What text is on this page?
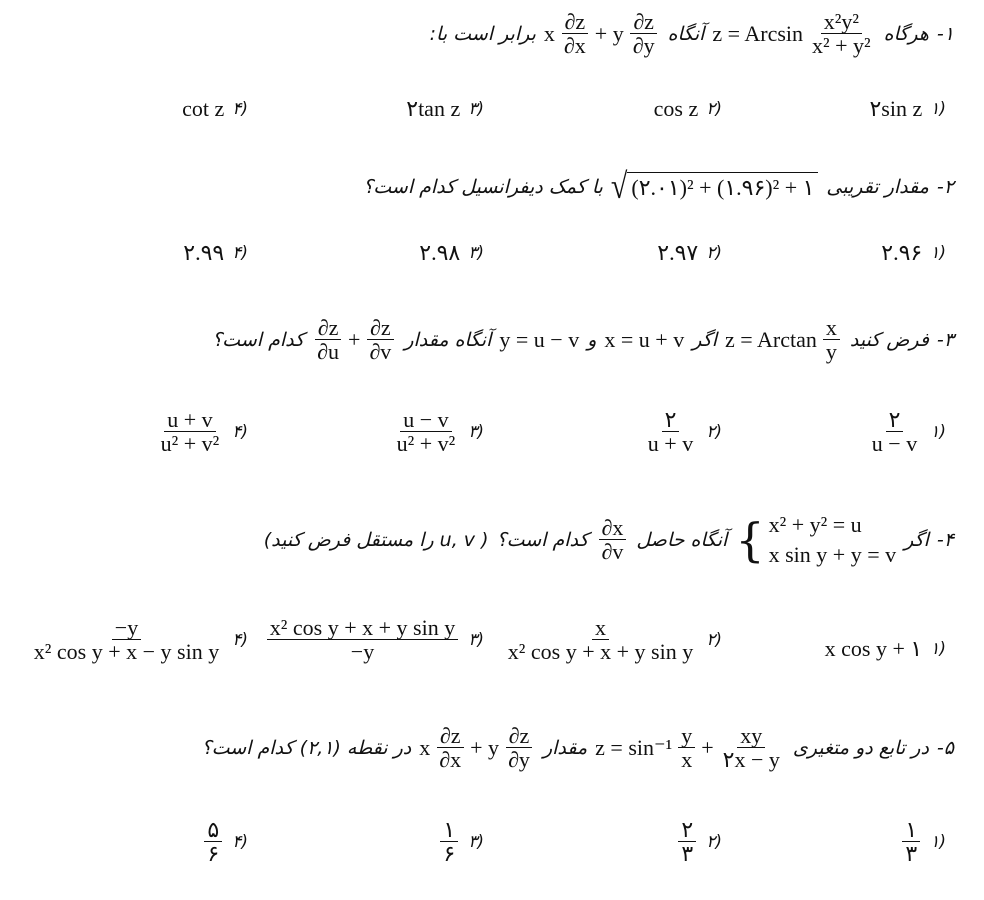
۱-
هرگاه
z = Arcsin $\frac{\text{x²y²}}{\text{x² + y²}}$
آنگاه
x $\frac{\partial z}{\partial x} + y \frac{\partial z}{\partial y}$
برابر است با:
(۱
۲sin z
(۲
cos z
(۳
۲tan z
(۴
cot z
۲-
مقدار تقریبی
√ (۲.۰۱)² + (۱.۹۶)² + ۱
با کمک دیفرانسیل کدام است؟
(۱
۲.۹۶
(۲
۲.۹۷
(۳
۲.۹۸
(۴
۲.۹۹
۳-
فرض کنید
z = Arctan $\frac{x}{y}$
اگر
x = u + v
و
y = u − v
آنگاه مقدار
$\frac{\partial z}{\partial u} + \frac{\partial z}{\partial v}$
کدام است؟
(۱
$\frac{۲}{u - v}$
(۲
$\frac{۲}{u + v}$
(۳
$\frac{u - v}{\text{u² + v²}}$
(۴
$\frac{u + v}{\text{u² + v²}}$
۴-
اگر
{ x² + y² = u
x sin y + y = v
آنگاه حاصل
$\frac{\partial x}{\partial v}$
کدام است؟
( u, v را مستقل فرض کنید)
(۱
x cos y + ۱
(۲
$\frac{x}{\text{x² cos y + x + y sin y}}$
(۳
$\frac{\text{x² cos y + x + y sin y}}{-y}$
(۴
$\frac{-y}{\text{x² cos y + x − y sin y}}$
۵-
در تابع دو متغیری
$z = \sin^{-1} \frac{y}{x} + \frac{xy}{۲x - y}$
مقدار
x $\frac{\partial z}{\partial x} + y \frac{\partial z}{\partial y}$
در نقطه (۲,۱) کدام است؟
(۱
$\frac{۱}{۳}$
(۲
$\frac{۲}{۳}$
(۳
$\frac{۱}{۶}$
(۴
$\frac{۵}{۶}$
